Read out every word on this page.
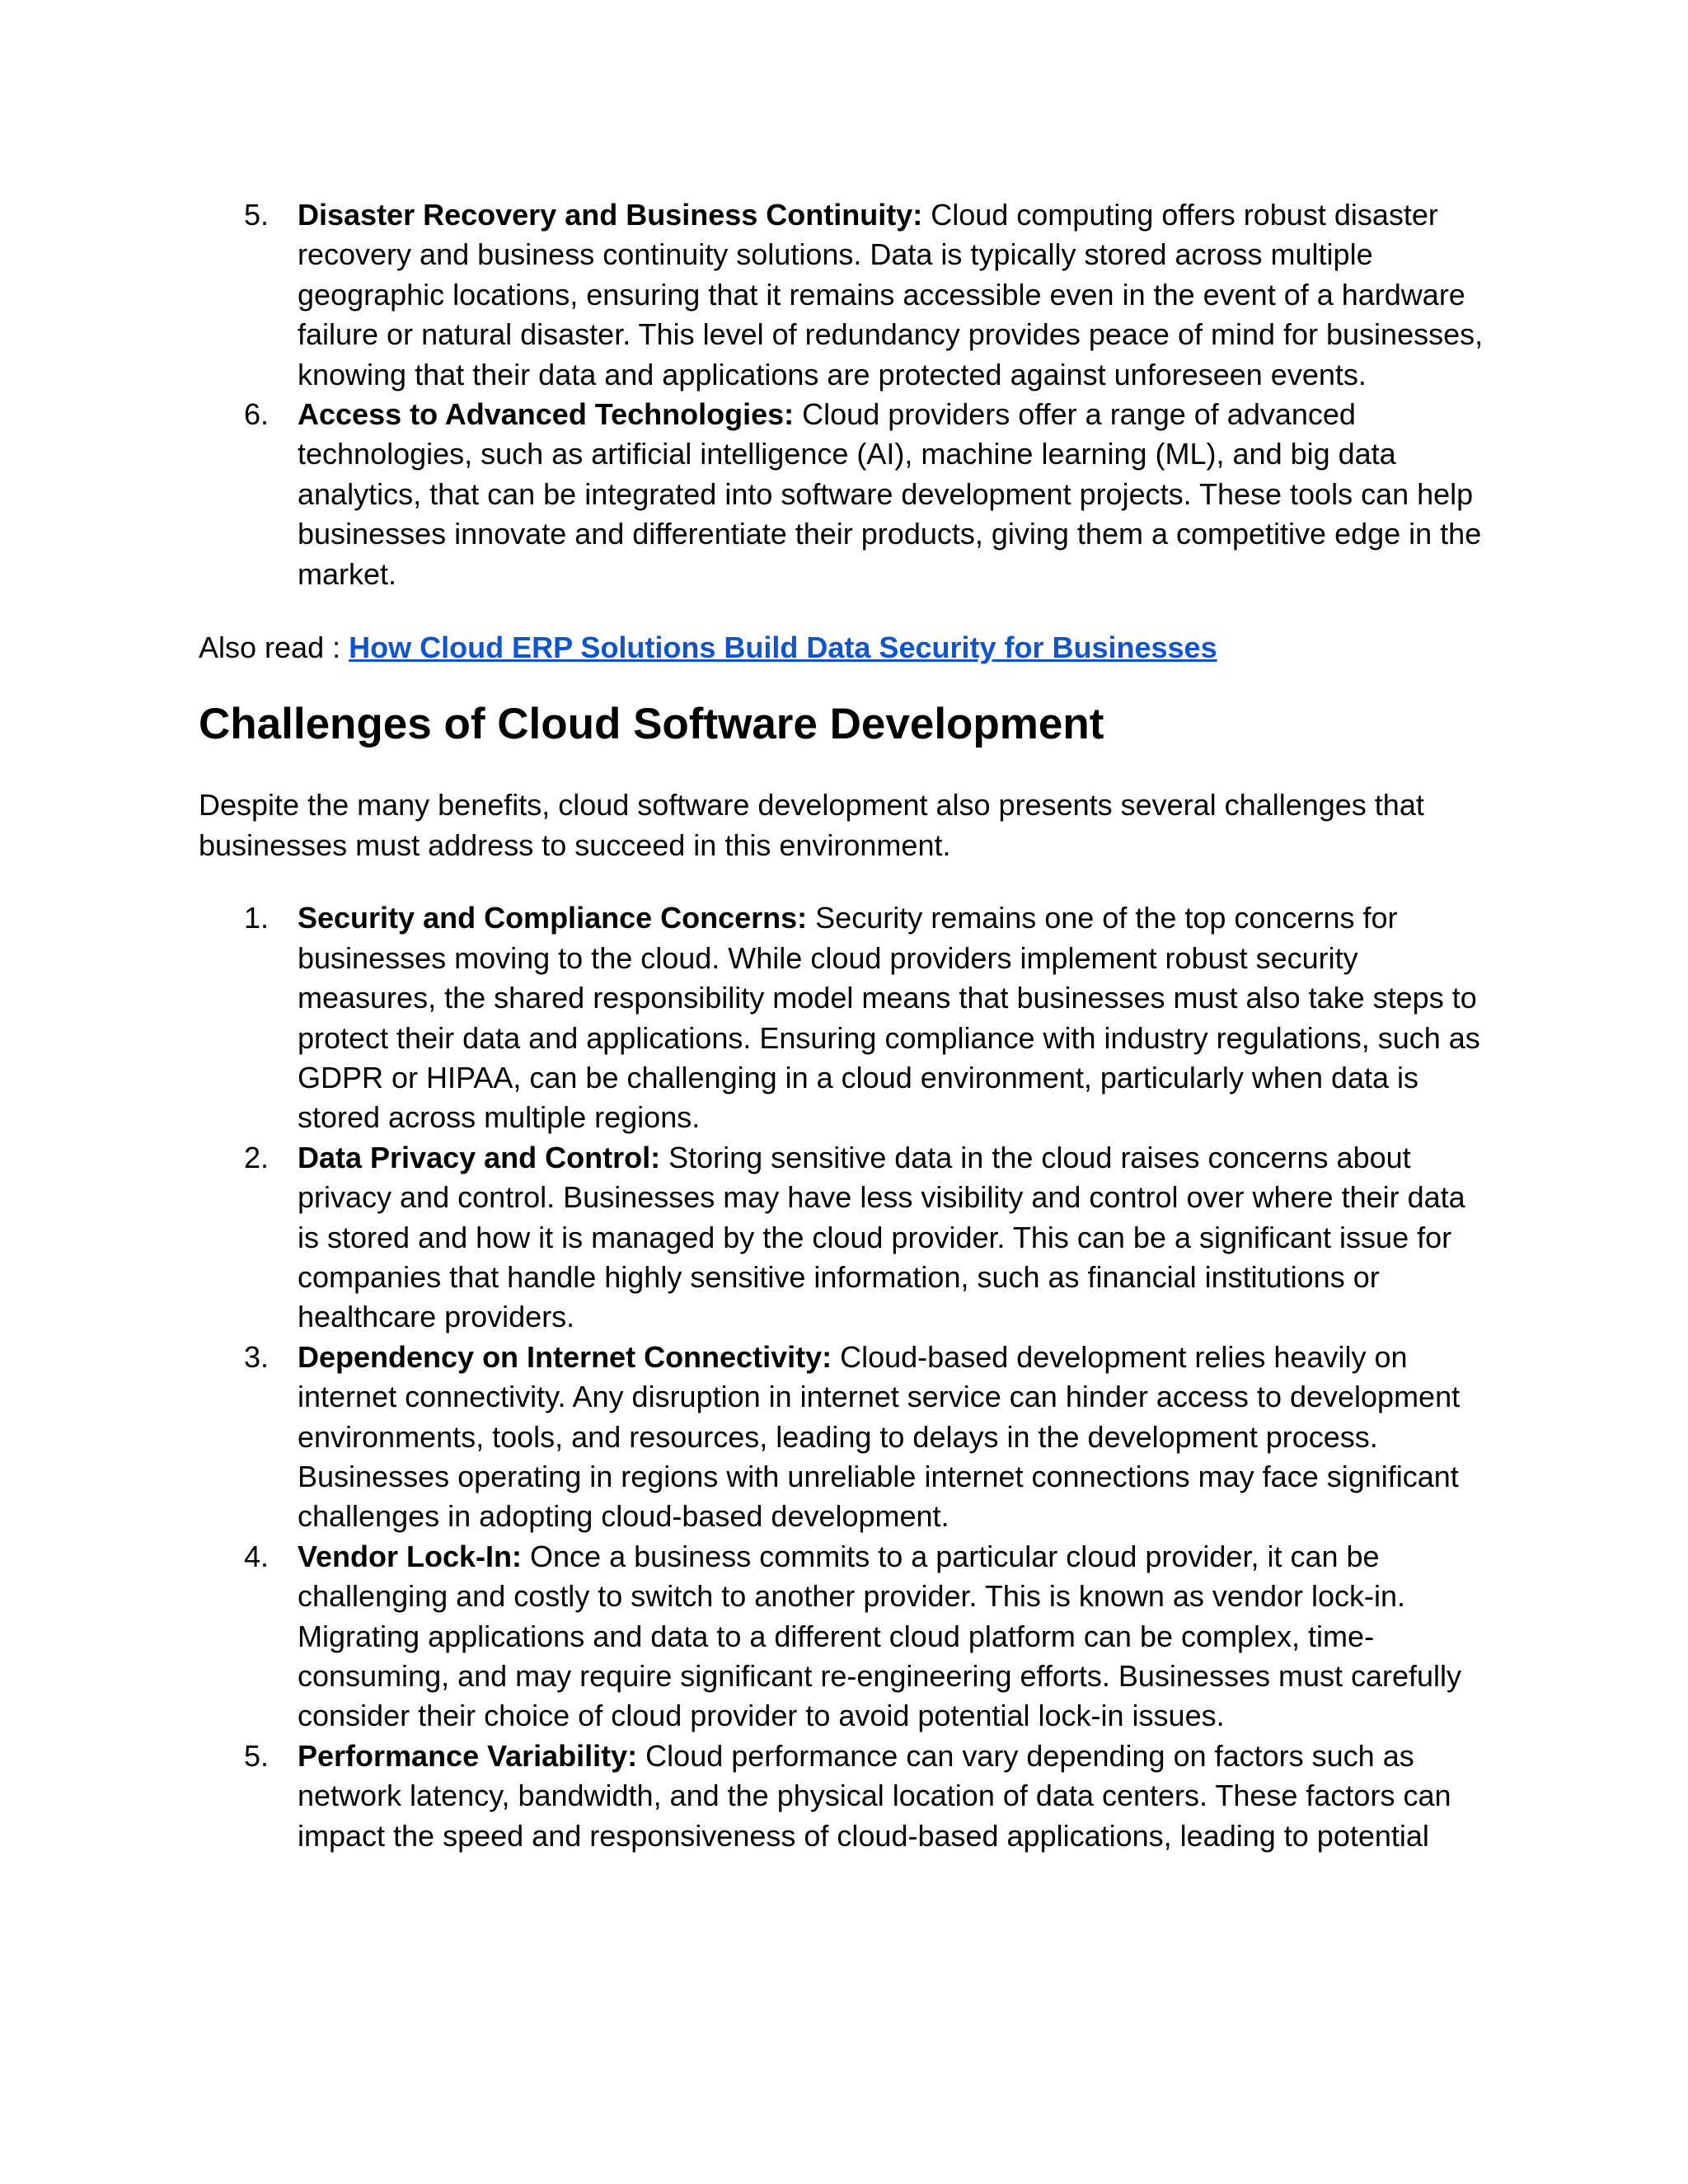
5. Disaster Recovery and Business Continuity: Cloud computing offers robust disaster recovery and business continuity solutions. Data is typically stored across multiple geographic locations, ensuring that it remains accessible even in the event of a hardware failure or natural disaster. This level of redundancy provides peace of mind for businesses, knowing that their data and applications are protected against unforeseen events.
6. Access to Advanced Technologies: Cloud providers offer a range of advanced technologies, such as artificial intelligence (AI), machine learning (ML), and big data analytics, that can be integrated into software development projects. These tools can help businesses innovate and differentiate their products, giving them a competitive edge in the market.

Also read : How Cloud ERP Solutions Build Data Security for Businesses

Challenges of Cloud Software Development

Despite the many benefits, cloud software development also presents several challenges that businesses must address to succeed in this environment.

1. Security and Compliance Concerns: Security remains one of the top concerns for businesses moving to the cloud. While cloud providers implement robust security measures, the shared responsibility model means that businesses must also take steps to protect their data and applications. Ensuring compliance with industry regulations, such as GDPR or HIPAA, can be challenging in a cloud environment, particularly when data is stored across multiple regions.
2. Data Privacy and Control: Storing sensitive data in the cloud raises concerns about privacy and control. Businesses may have less visibility and control over where their data is stored and how it is managed by the cloud provider. This can be a significant issue for companies that handle highly sensitive information, such as financial institutions or healthcare providers.
3. Dependency on Internet Connectivity: Cloud-based development relies heavily on internet connectivity. Any disruption in internet service can hinder access to development environments, tools, and resources, leading to delays in the development process. Businesses operating in regions with unreliable internet connections may face significant challenges in adopting cloud-based development.
4. Vendor Lock-In: Once a business commits to a particular cloud provider, it can be challenging and costly to switch to another provider. This is known as vendor lock-in. Migrating applications and data to a different cloud platform can be complex, time-consuming, and may require significant re-engineering efforts. Businesses must carefully consider their choice of cloud provider to avoid potential lock-in issues.
5. Performance Variability: Cloud performance can vary depending on factors such as network latency, bandwidth, and the physical location of data centers. These factors can impact the speed and responsiveness of cloud-based applications, leading to potential
